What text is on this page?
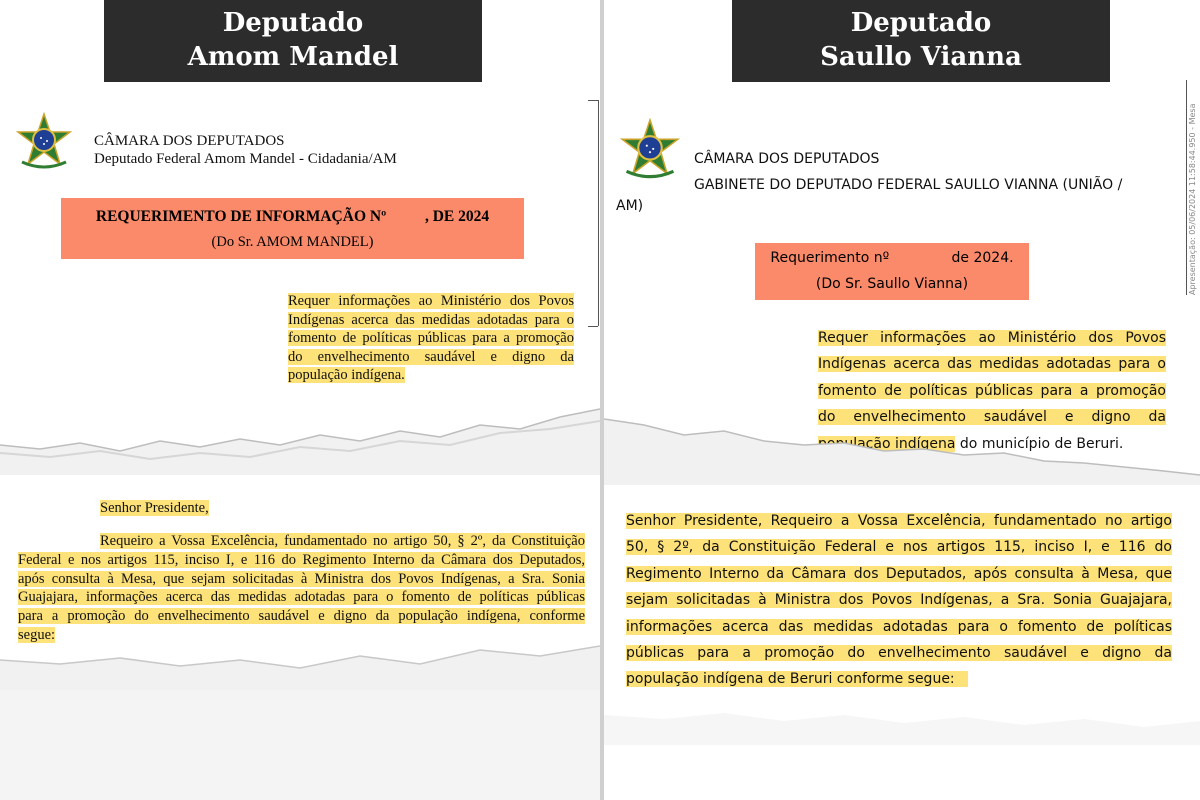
Deputado
Amom Mandel
CÂMARA DOS DEPUTADOS
Deputado Federal Amom Mandel - Cidadania/AM
REQUERIMENTO DE INFORMAÇÃO Nº          , DE 2024
(Do Sr. AMOM MANDEL)
Requer informações ao Ministério dos Povos
Indígenas acerca das medidas adotadas para o
fomento de políticas públicas para a promoção
do envelhecimento saudável e digno da
população indígena.
Senhor Presidente,
Requeiro a Vossa Excelência, fundamentado no artigo 50, § 2º, da Constituição
Federal e nos artigos 115, inciso I, e 116 do Regimento Interno da Câmara dos Deputados,
após consulta à Mesa, que sejam solicitadas à Ministra dos Povos Indígenas, a Sra. Sonia
Guajajara, informações acerca das medidas adotadas para o fomento de políticas públicas
para a promoção do envelhecimento saudável e digno da população indígena, conforme
segue:
Deputado
Saullo Vianna
CÂMARA DOS DEPUTADOS
GABINETE DO DEPUTADO FEDERAL SAULLO VIANNA (UNIÃO /
AM)
Requerimento nº              de 2024.
(Do Sr. Saullo Vianna)	Apresentação: 05/06/2024 11:58:44.950 - Mesa
Requer informações ao Ministério dos Povos
Indígenas acerca das medidas adotadas para o
fomento de políticas públicas para a promoção
do envelhecimento saudável e digno da
população indígena do município de Beruri.
Senhor Presidente, Requeiro a Vossa Excelência, fundamentado no artigo
50, § 2º, da Constituição Federal e nos artigos 115, inciso I, e 116 do
Regimento Interno da Câmara dos Deputados, após consulta à Mesa, que
sejam solicitadas à Ministra dos Povos Indígenas, a Sra. Sonia Guajajara,
informações acerca das medidas adotadas para o fomento de políticas
públicas para a promoção do envelhecimento saudável e digno da
população indígena de Beruri conforme segue:
